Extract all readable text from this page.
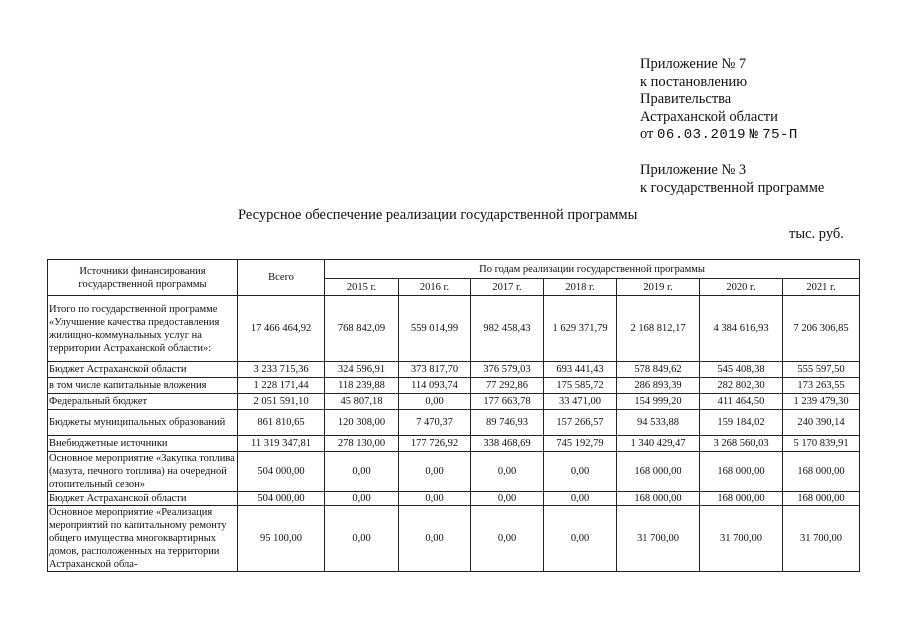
Приложение № 7
к постановлению
Правительства
Астраханской области
от 06.03.2019 № 75-П
Приложение № 3
к государственной программе
Ресурсное обеспечение реализации государственной программы
тыс. руб.
Источники финансирования государственной программы	Всего	По годам реализации государственной программы						
		2015 г.	2016 г.	2017 г.	2018 г.	2019 г.	2020 г.	2021 г.
Итого по государственной программе «Улучшение качества предоставления жилищно-коммунальных услуг на территории Астраханской области»:	17 466 464,92	768 842,09	559 014,99	982 458,43	1 629 371,79	2 168 812,17	4 384 616,93	7 206 306,85
Бюджет Астраханской области	3 233 715,36	324 596,91	373 817,70	376 579,03	693 441,43	578 849,62	545 408,38	555 597,50
в том числе капитальные вложения	1 228 171,44	118 239,88	114 093,74	77 292,86	175 585,72	286 893,39	282 802,30	173 263,55
Федеральный бюджет	2 051 591,10	45 807,18	0,00	177 663,78	33 471,00	154 999,20	411 464,50	1 239 479,30
Бюджеты муниципальных образований	861 810,65	120 308,00	7 470,37	89 746,93	157 266,57	94 533,88	159 184,02	240 390,14
Внебюджетные источники	11 319 347,81	278 130,00	177 726,92	338 468,69	745 192,79	1 340 429,47	3 268 560,03	5 170 839,91
Основное мероприятие «Закупка топлива (мазута, печного топлива) на очередной отопительный сезон»	504 000,00	0,00	0,00	0,00	0,00	168 000,00	168 000,00	168 000,00
Бюджет Астраханской области	504 000,00	0,00	0,00	0,00	0,00	168 000,00	168 000,00	168 000,00
Основное мероприятие «Реализация мероприятий по капитальному ремонту общего имущества многоквартирных домов, расположенных на территории Астраханской обла-	95 100,00	0,00	0,00	0,00	0,00	31 700,00	31 700,00	31 700,00
